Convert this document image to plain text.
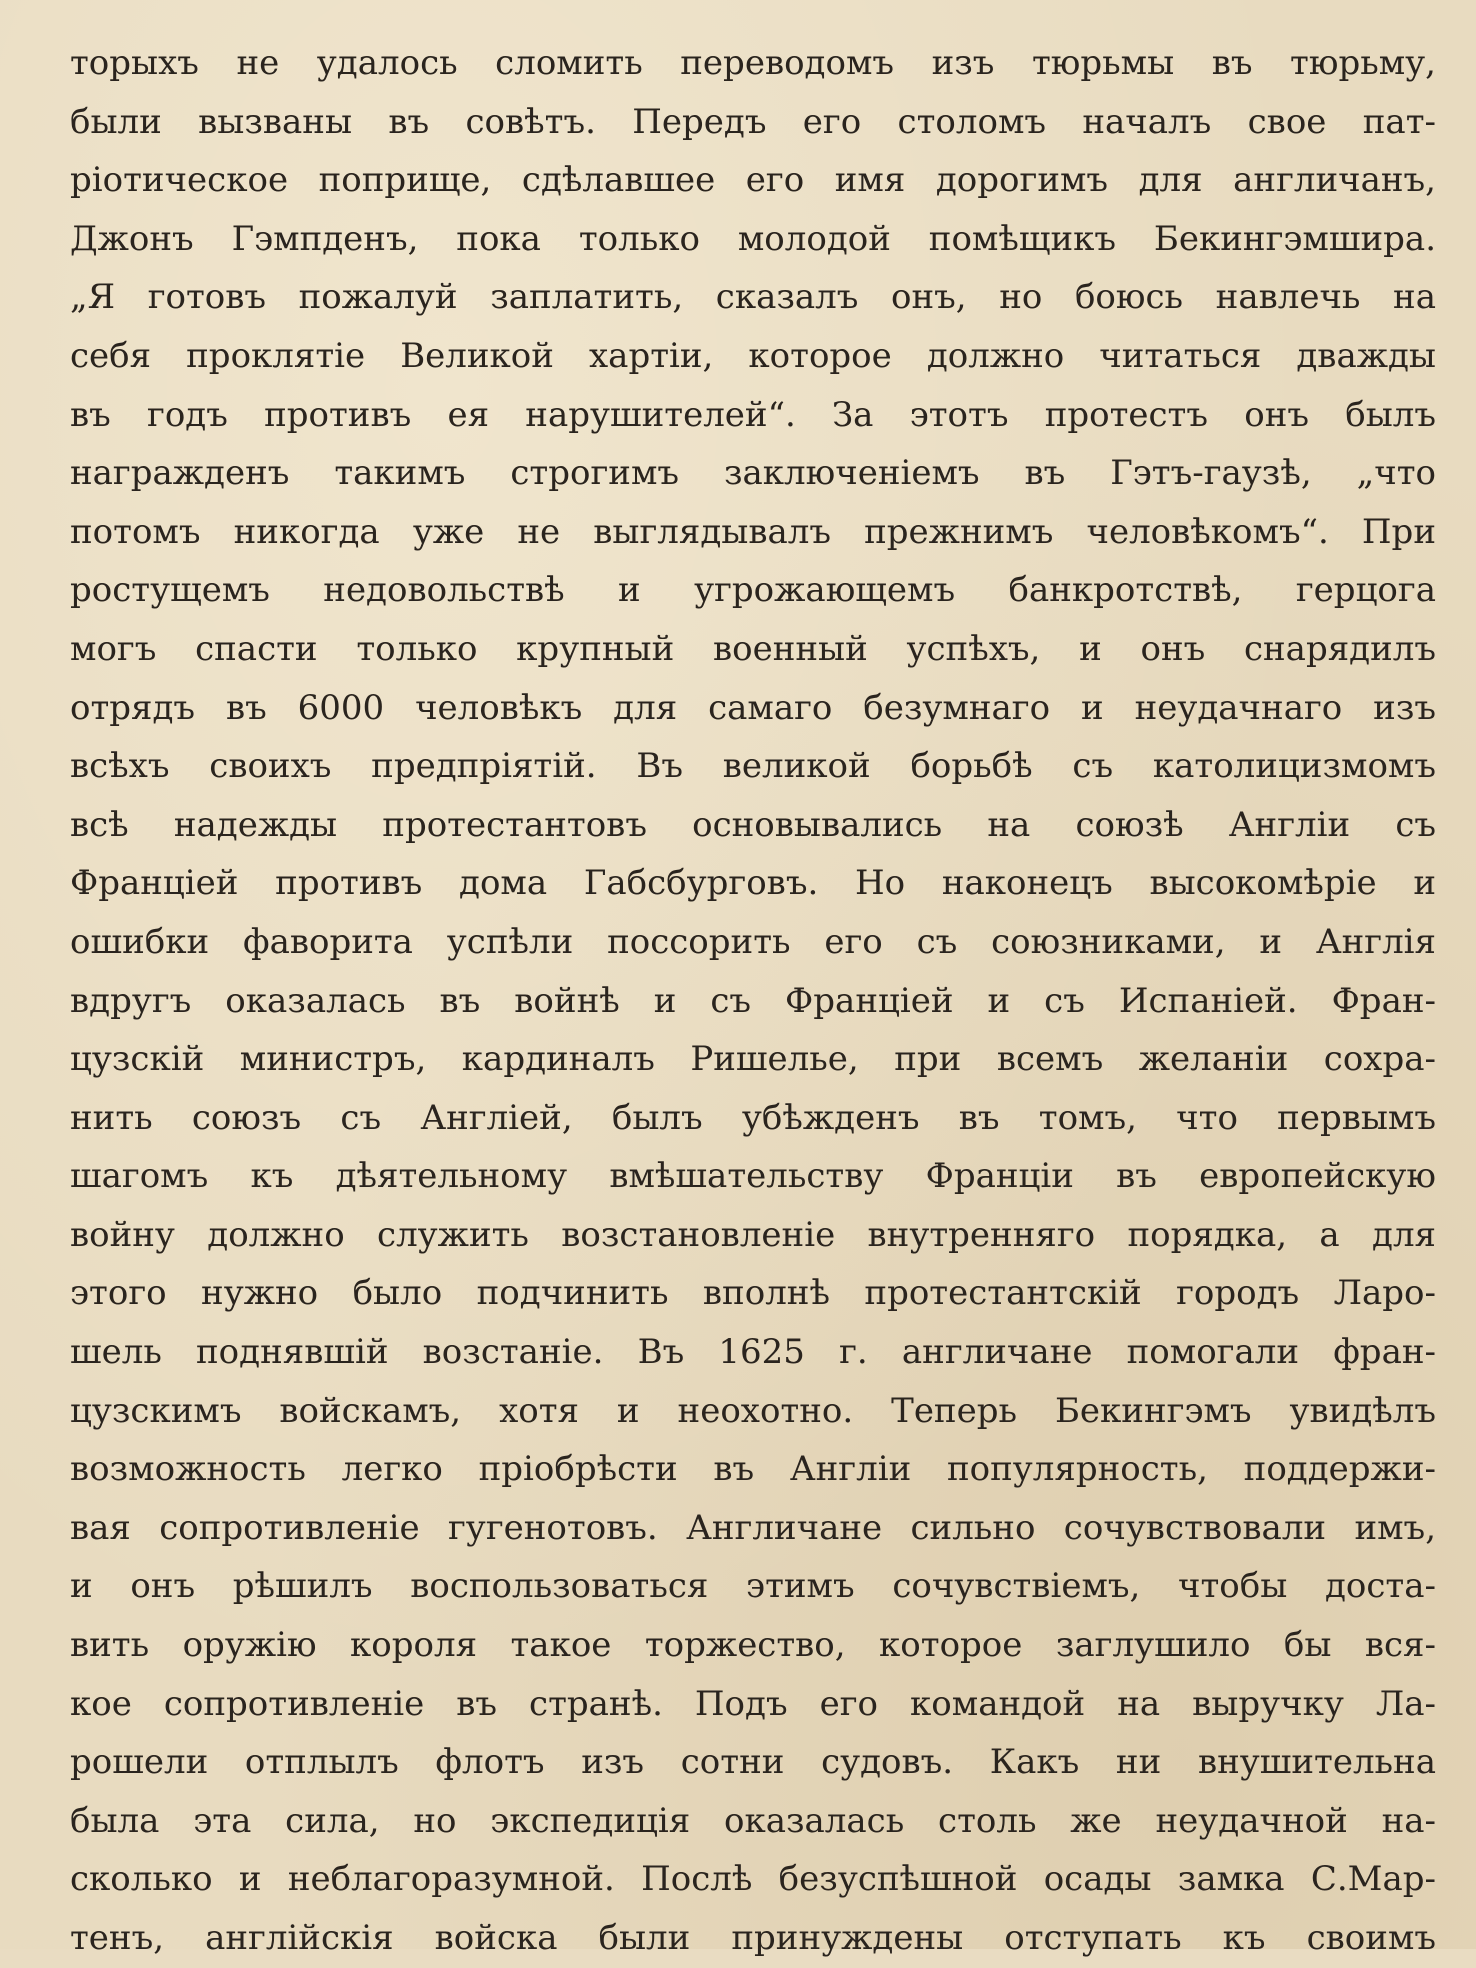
торыхъ не удалось сломить переводомъ изъ тюрьмы въ тюрьму,
были вызваны въ совѣтъ. Передъ его столомъ началъ свое пат-
ріотическое поприще, сдѣлавшее его имя дорогимъ для англичанъ,
Джонъ Гэмпденъ, пока только молодой помѣщикъ Бекингэмшира.
„Я готовъ пожалуй заплатить, сказалъ онъ, но боюсь навлечь на
себя проклятіе Великой хартіи, которое должно читаться дважды
въ годъ противъ ея нарушителей“. За этотъ протестъ онъ былъ
награжденъ такимъ строгимъ заключеніемъ въ Гэтъ-гаузѣ, „что
потомъ никогда уже не выглядывалъ прежнимъ человѣкомъ“. При
ростущемъ недовольствѣ и угрожающемъ банкротствѣ, герцога
могъ спасти только крупный военный успѣхъ, и онъ снарядилъ
отрядъ въ 6000 человѣкъ для самаго безумнаго и неудачнаго изъ
всѣхъ своихъ предпріятій. Въ великой борьбѣ съ католицизмомъ
всѣ надежды протестантовъ основывались на союзѣ Англіи съ
Франціей противъ дома Габсбурговъ. Но наконецъ высокомѣріе и
ошибки фаворита успѣли поссорить его съ союзниками, и Англія
вдругъ оказалась въ войнѣ и съ Франціей и съ Испаніей. Фран-
цузскій министръ, кардиналъ Ришелье, при всемъ желаніи сохра-
нить союзъ съ Англіей, былъ убѣжденъ въ томъ, что первымъ
шагомъ къ дѣятельному вмѣшательству Франціи въ европейскую
войну должно служить возстановленіе внутренняго порядка, а для
этого нужно было подчинить вполнѣ протестантскій городъ Ларо-
шель поднявшій возстаніе. Въ 1625 г. англичане помогали фран-
цузскимъ войскамъ, хотя и неохотно. Теперь Бекингэмъ увидѣлъ
возможность легко пріобрѣсти въ Англіи популярность, поддержи-
вая сопротивленіе гугенотовъ. Англичане сильно сочувствовали имъ,
и онъ рѣшилъ воспользоваться этимъ сочувствіемъ, чтобы доста-
вить оружію короля такое торжество, которое заглушило бы вся-
кое сопротивленіе въ странѣ. Подъ его командой на выручку Ла-
рошели отплылъ флотъ изъ сотни судовъ. Какъ ни внушительна
была эта сила, но экспедиція оказалась столь же неудачной на-
сколько и неблагоразумной. Послѣ безуспѣшной осады замка С.Мар-
тенъ, англійскія войска были принуждены отступать къ своимъ
